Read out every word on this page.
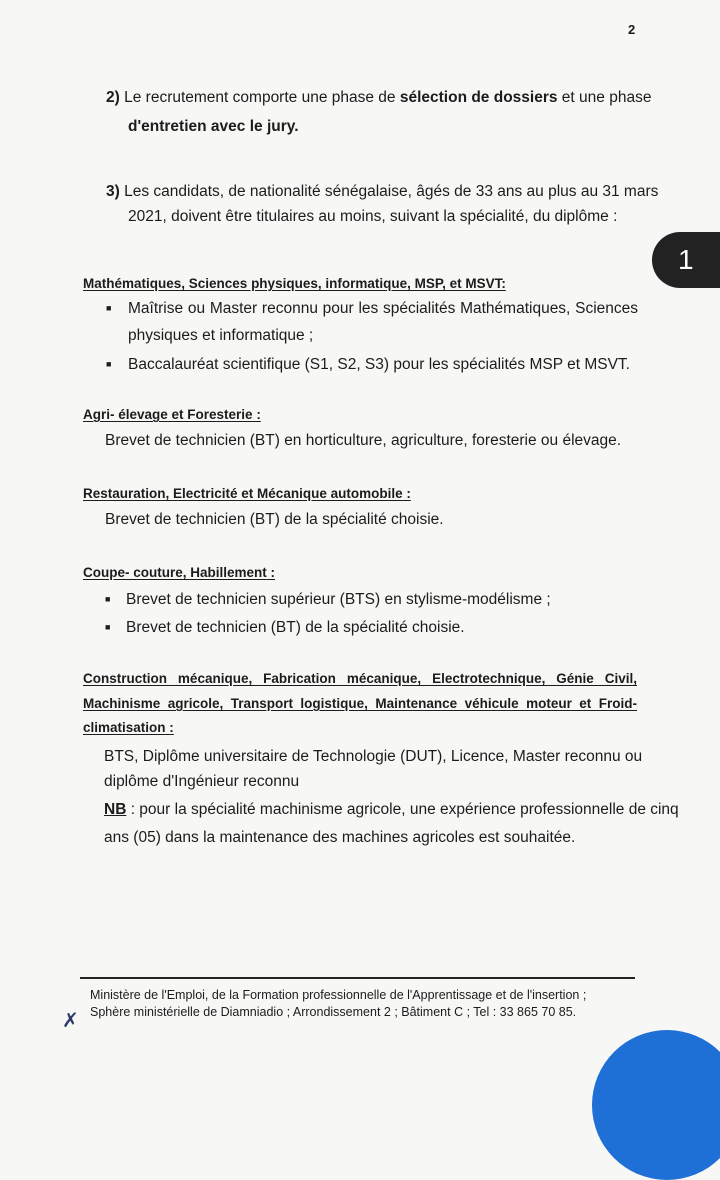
2
1
2) Le recrutement comporte une phase de sélection de dossiers et une phase
d'entretien avec le jury.
3) Les candidats, de nationalité sénégalaise, âgés de 33 ans au plus au 31 mars
2021, doivent être titulaires au moins, suivant la spécialité, du diplôme :
Mathématiques, Sciences physiques, informatique, MSP, et MSVT:
■ Maîtrise ou Master reconnu pour les spécialités Mathématiques, Sciences
physiques et informatique ;
■ Baccalauréat scientifique (S1, S2, S3) pour les spécialités MSP et MSVT.
Agri- élevage et Foresterie :
Brevet de technicien (BT) en horticulture, agriculture, foresterie ou élevage.
Restauration, Electricité et Mécanique automobile :
Brevet de technicien (BT) de la spécialité choisie.
Coupe- couture, Habillement :
■ Brevet de technicien supérieur (BTS) en stylisme-modélisme ;
■ Brevet de technicien (BT) de la spécialité choisie.
Construction mécanique, Fabrication mécanique, Electrotechnique, Génie Civil,
Machinisme agricole, Transport logistique, Maintenance véhicule moteur et Froid-
climatisation :
BTS, Diplôme universitaire de Technologie (DUT), Licence, Master reconnu ou
diplôme d'Ingénieur reconnu
NB : pour la spécialité machinisme agricole, une expérience professionnelle de cinq
ans (05) dans la maintenance des machines agricoles est souhaitée.
Ministère de l'Emploi, de la Formation professionnelle de l'Apprentissage et de l'insertion ;
Sphère ministérielle de Diamniadio ; Arrondissement 2 ; Bâtiment C ; Tel : 33 865 70 85.
✗
